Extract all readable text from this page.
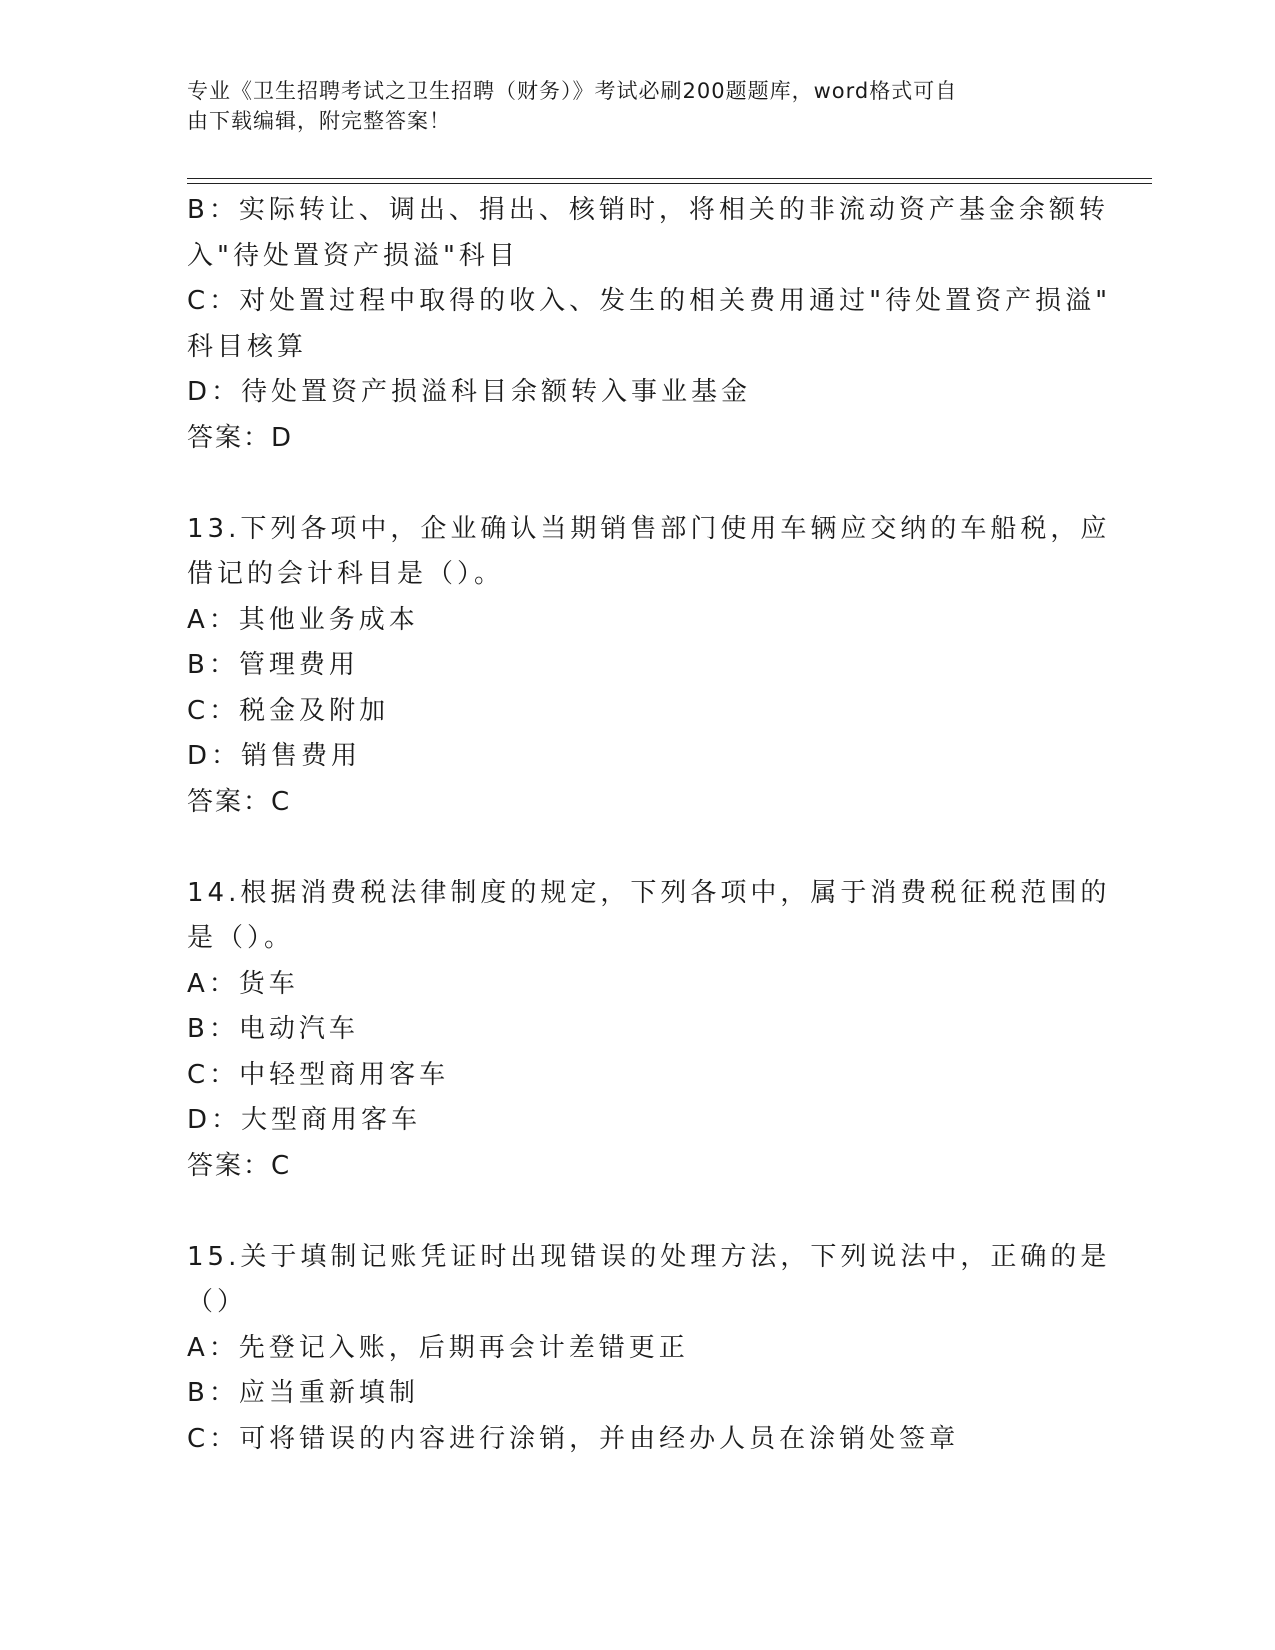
专业《卫生招聘考试之卫生招聘（财务）》考试必刷200题题库，word格式可自
由下载编辑，附完整答案！
B：实际转让、调出、捐出、核销时，将相关的非流动资产基金余额转
入"待处置资产损溢"科目
C：对处置过程中取得的收入、发生的相关费用通过"待处置资产损溢"
科目核算
D：待处置资产损溢科目余额转入事业基金
答案：D
13.下列各项中，企业确认当期销售部门使用车辆应交纳的车船税，应
借记的会计科目是（）。
A：其他业务成本
B：管理费用
C：税金及附加
D：销售费用
答案：C
14.根据消费税法律制度的规定，下列各项中，属于消费税征税范围的
是（）。
A：货车
B：电动汽车
C：中轻型商用客车
D：大型商用客车
答案：C
15.关于填制记账凭证时出现错误的处理方法，下列说法中，正确的是
（）
A：先登记入账，后期再会计差错更正
B：应当重新填制
C：可将错误的内容进行涂销，并由经办人员在涂销处签章
